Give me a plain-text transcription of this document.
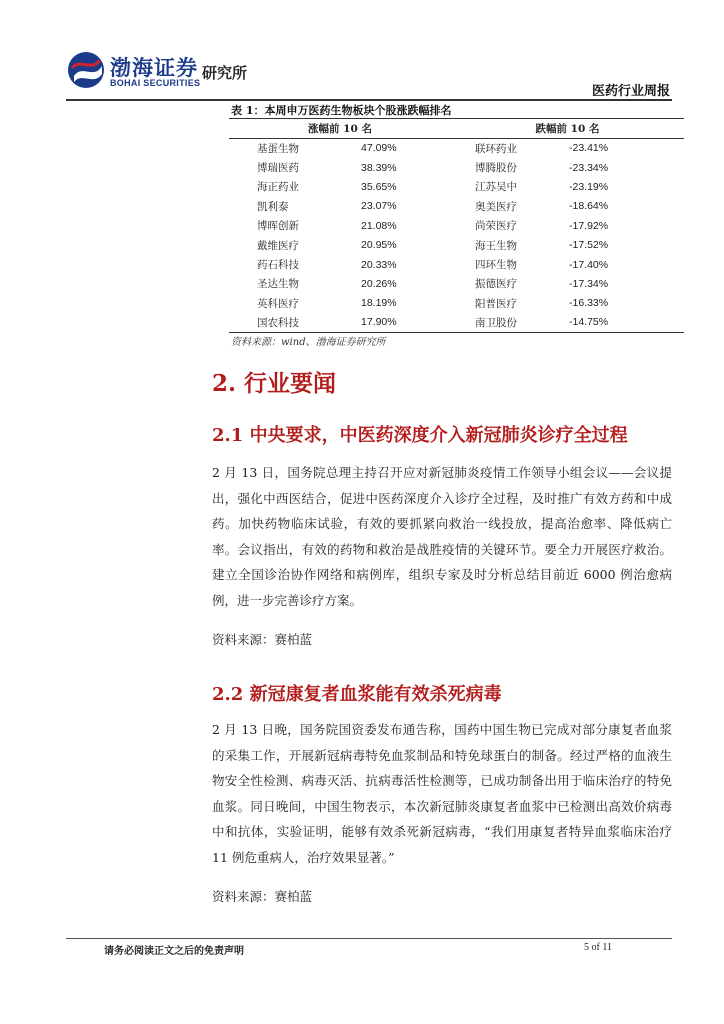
渤海证券
BOHAI SECURITIES
研究所
医药行业周报
表 1：本周申万医药生物板块个股涨跌幅排名
涨幅前 10 名		跌幅前 10 名	
基蛋生物	47.09%	联环药业	-23.41%
博瑞医药	38.39%	博腾股份	-23.34%
海正药业	35.65%	江苏吴中	-23.19%
凯利泰	23.07%	奥美医疗	-18.64%
博晖创新	21.08%	尚荣医疗	-17.92%
戴维医疗	20.95%	海王生物	-17.52%
药石科技	20.33%	四环生物	-17.40%
圣达生物	20.26%	振德医疗	-17.34%
英科医疗	18.19%	阳普医疗	-16.33%
国农科技	17.90%	南卫股份	-14.75%
资料来源：wind、渤海证券研究所
2. 行业要闻
2.1 中央要求，中医药深度介入新冠肺炎诊疗全过程

2 月 13 日，国务院总理主持召开应对新冠肺炎疫情工作领导小组会议——会议提出，强化中西医结合，促进中医药深度介入诊疗全过程，及时推广有效方药和中成药。加快药物临床试验，有效的要抓紧向救治一线投放，提高治愈率、降低病亡率。会议指出，有效的药物和救治是战胜疫情的关键环节。要全力开展医疗救治。建立全国诊治协作网络和病例库，组织专家及时分析总结目前近 6000 例治愈病例，进一步完善诊疗方案。

资料来源：赛柏蓝
2.2 新冠康复者血浆能有效杀死病毒

2 月 13 日晚，国务院国资委发布通告称，国药中国生物已完成对部分康复者血浆的采集工作，开展新冠病毒特免血浆制品和特免球蛋白的制备。经过严格的血液生物安全性检测、病毒灭活、抗病毒活性检测等，已成功制备出用于临床治疗的特免血浆。同日晚间，中国生物表示，本次新冠肺炎康复者血浆中已检测出高效价病毒中和抗体，实验证明，能够有效杀死新冠病毒，“我们用康复者特异血浆临床治疗 11 例危重病人，治疗效果显著。”

资料来源：赛柏蓝
请务必阅读正文之后的免责声明	5 of 11
